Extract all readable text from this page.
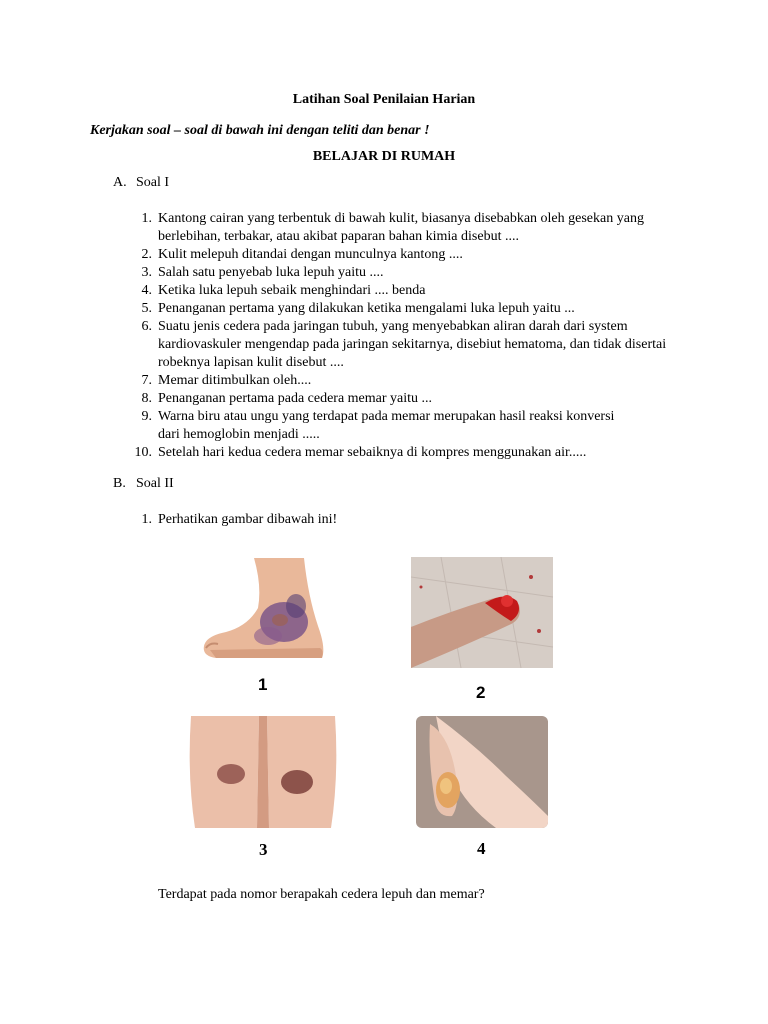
Latihan Soal Penilaian Harian
Kerjakan soal – soal di bawah ini dengan teliti dan benar !
BELAJAR DI RUMAH
A. Soal I
1. Kantong cairan yang terbentuk di bawah kulit, biasanya disebabkan oleh gesekan yang
berlebihan, terbakar, atau akibat paparan bahan kimia disebut ....
2. Kulit melepuh ditandai dengan munculnya kantong ....
3. Salah satu penyebab luka lepuh yaitu ....
4. Ketika luka lepuh sebaik menghindari .... benda
5. Penanganan pertama yang dilakukan ketika mengalami luka lepuh yaitu ...
6. Suatu jenis cedera pada jaringan tubuh, yang menyebabkan aliran darah dari system
kardiovaskuler mengendap pada jaringan sekitarnya, disebiut hematoma, dan tidak disertai
robeknya lapisan kulit disebut ....
7. Memar ditimbulkan oleh....
8. Penanganan pertama pada cedera memar yaitu ...
9. Warna biru atau ungu yang terdapat pada memar merupakan hasil reaksi konversi
dari hemoglobin menjadi .....
10. Setelah hari kedua cedera memar sebaiknya di kompres menggunakan air.....
B. Soal II
1. Perhatikan gambar dibawah ini!
1	2
3	4
Terdapat pada nomor berapakah cedera lepuh dan memar?
